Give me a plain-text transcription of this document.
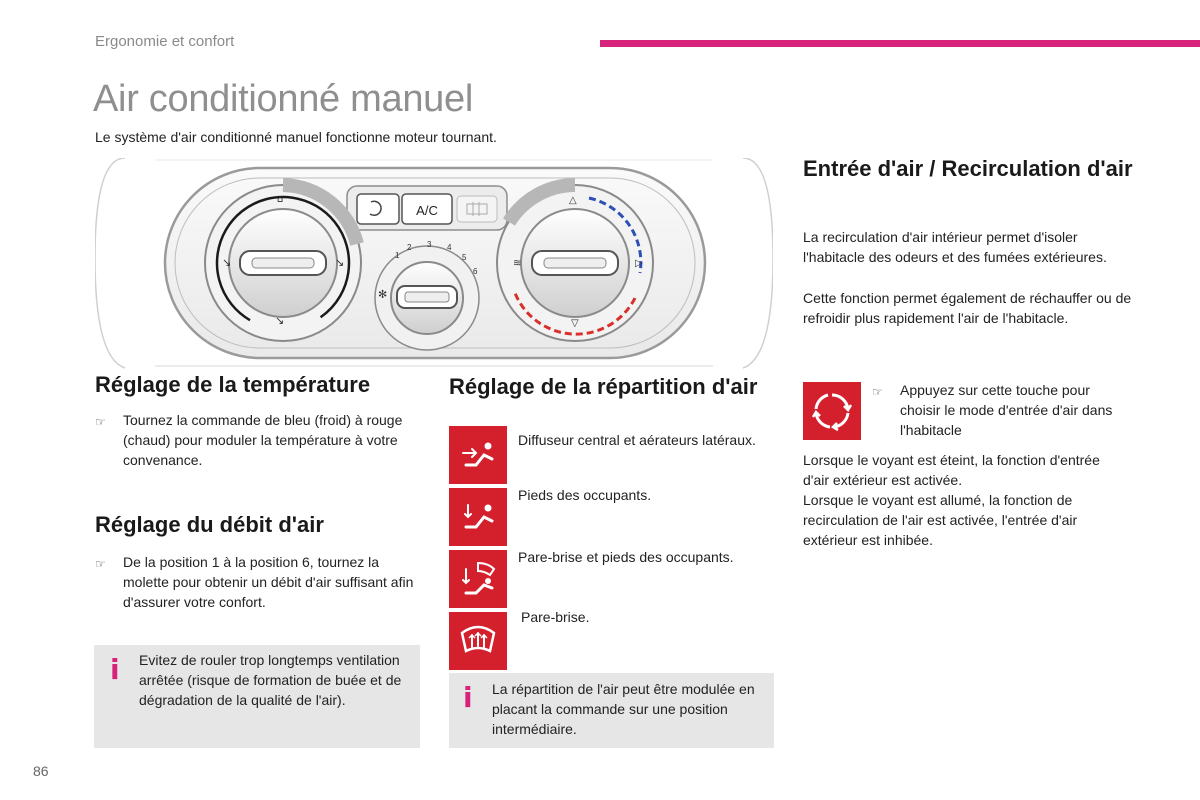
Ergonomie et confort
Air conditionné manuel
Le système d'air conditionné manuel fonctionne moteur tournant.
A/C
↘	↘
↘
⌂
✻
1
2 3 4
5
6
△
▷
▽
≋
Réglage de la température
☞ Tournez la commande de bleu (froid) à rouge (chaud) pour moduler la température à votre convenance.
Réglage du débit d'air
☞ De la position 1 à la position 6, tournez la molette pour obtenir un débit d'air suffisant afin d'assurer votre confort.
i Evitez de rouler trop longtemps ventilation arrêtée (risque de formation de buée et de dégradation de la qualité de l'air).
Réglage de la répartition d'air
Diffuseur central et aérateurs latéraux.
Pieds des occupants.
Pare-brise et pieds des occupants.
Pare-brise.
i La répartition de l'air peut être modulée en placant la commande sur une position intermédiaire.
Entrée d'air / Recirculation d'air
La recirculation d'air intérieur permet d'isoler l'habitacle des odeurs et des fumées extérieures.
Cette fonction permet également de réchauffer ou de refroidir plus rapidement l'air de l'habitacle.
☞ Appuyez sur cette touche pour choisir le mode d'entrée d'air dans l'habitacle
Lorsque le voyant est éteint, la fonction d'entrée d'air extérieur est activée.
Lorsque le voyant est allumé, la fonction de recirculation de l'air est activée, l'entrée d'air extérieur est inhibée.
86
